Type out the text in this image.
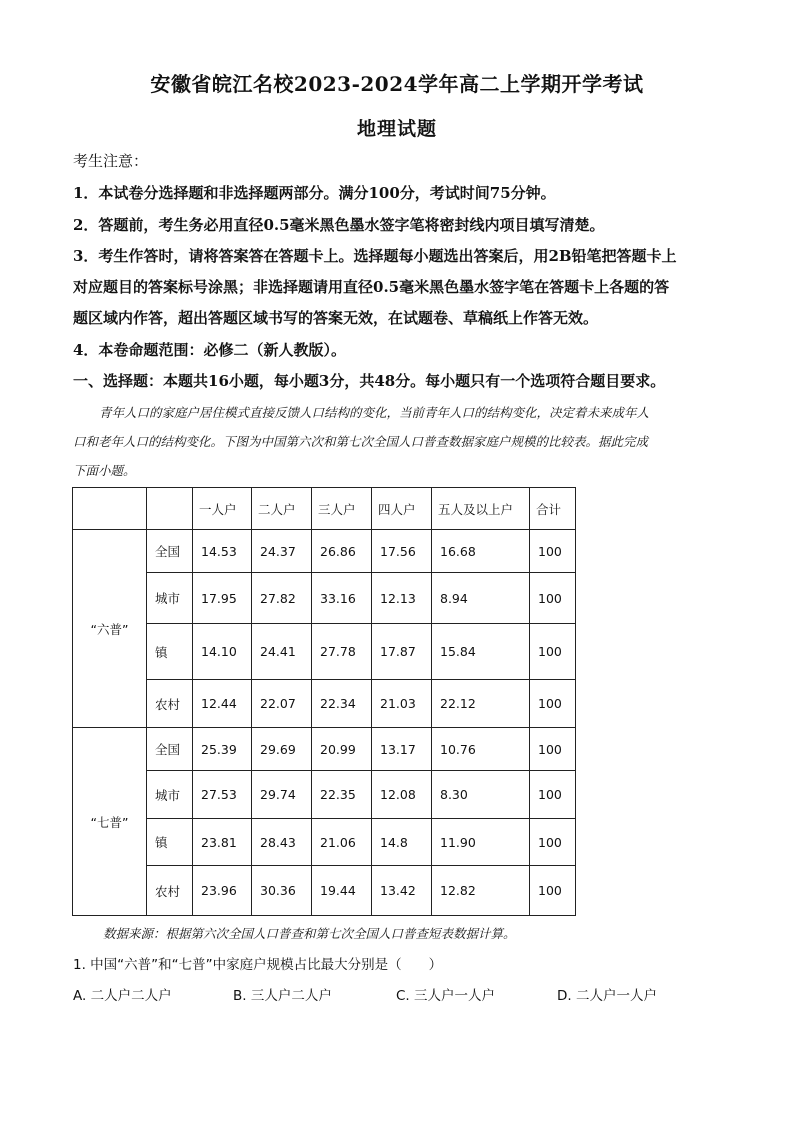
安徽省皖江名校2023-2024学年高二上学期开学考试
地理试题
考生注意：
1．本试卷分选择题和非选择题两部分。满分100分，考试时间75分钟。
2．答题前，考生务必用直径0.5毫米黑色墨水签字笔将密封线内项目填写清楚。
3．考生作答时，请将答案答在答题卡上。选择题每小题选出答案后，用2B铅笔把答题卡上
对应题目的答案标号涂黑；非选择题请用直径0.5毫米黑色墨水签字笔在答题卡上各题的答
题区域内作答，超出答题区域书写的答案无效，在试题卷、草稿纸上作答无效。
4．本卷命题范围：必修二（新人教版）。
一、选择题：本题共16小题，每小题3分，共48分。每小题只有一个选项符合题目要求。
青年人口的家庭户居住模式直接反馈人口结构的变化，当前青年人口的结构变化，决定着未来成年人
口和老年人口的结构变化。下图为中国第六次和第七次全国人口普查数据家庭户规模的比较表。据此完成
下面小题。
		一人户	二人户	三人户	四人户	五人及以上户	合计
“六普”	全国	14.53	24.37	26.86	17.56	16.68	100
	城市	17.95	27.82	33.16	12.13	8.94	100
	镇	14.10	24.41	27.78	17.87	15.84	100
	农村	12.44	22.07	22.34	21.03	22.12	100
“七普”	全国	25.39	29.69	20.99	13.17	10.76	100
	城市	27.53	29.74	22.35	12.08	8.30	100
	镇	23.81	28.43	21.06	14.8	11.90	100
	农村	23.96	30.36	19.44	13.42	12.82	100
数据来源：根据第六次全国人口普查和第七次全国人口普查短表数据计算。
1. 中国“六普”和“七普”中家庭户规模占比最大分别是（　　）
A. 二人户二人户	B. 三人户二人户	C. 三人户一人户	D. 二人户一人户
